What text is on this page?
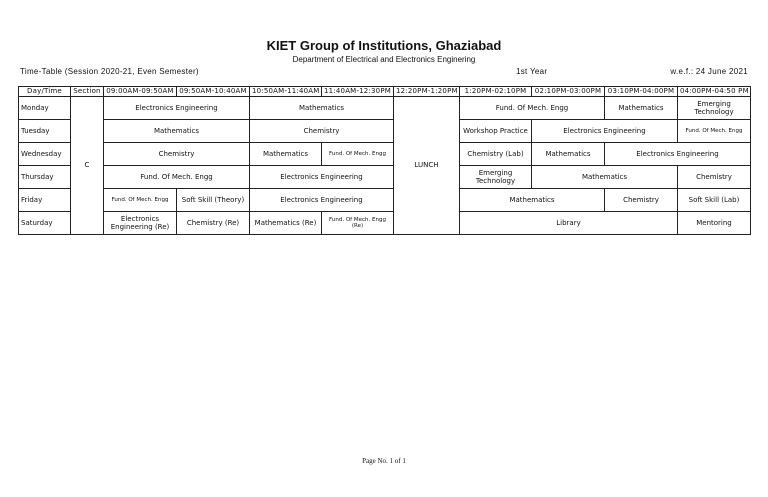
KIET Group of Institutions, Ghaziabad
Department of Electrical and Electronics Enginering
Time-Table (Session 2020-21, Even Semester)	1st Year	w.e.f.: 24 June 2021
Day/Time	Section	09:00AM-09:50AM	09:50AM-10:40AM	10:50AM-11:40AM	11:40AM-12:30PM	12:20PM-1:20PM	1:20PM-02:10PM	02:10PM-03:00PM	03:10PM-04:00PM	04:00PM-04:50 PM
Monday	C	Electronics Engineering		Mathematics		LUNCH	Fund. Of Mech. Engg		Mathematics	Emerging Technology
Tuesday		Mathematics		Chemistry			Workshop Practice	Electronics Engineering		Fund. Of Mech. Engg
Wednesday		Chemistry		Mathematics	Fund. Of Mech. Engg		Chemistry (Lab)	Mathematics	Electronics Engineering	
Thursday		Fund. Of Mech. Engg		Electronics Engineering			Emerging Technology	Mathematics		Chemistry
Friday		Fund. Of Mech. Engg	Soft Skill (Theory)	Electronics Engineering			Mathematics		Chemistry	Soft Skill (Lab)
Saturday		Electronics Engineering (Re)	Chemistry (Re)	Mathematics (Re)	Fund. Of Mech. Engg (Re)		Library			Mentoring
Page No. 1 of 1
